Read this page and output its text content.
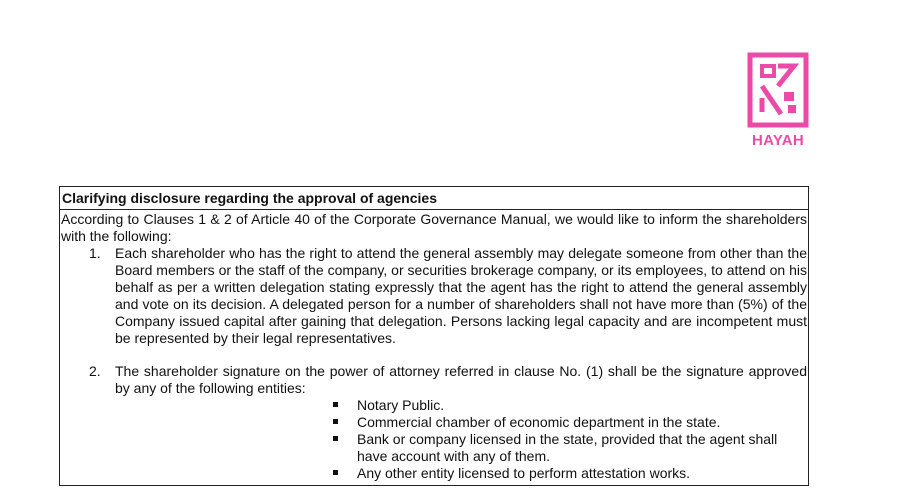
HAYAH
Clarifying disclosure regarding the approval of agencies

According to Clauses 1 & 2 of Article 40 of the Corporate Governance Manual, we would like to inform the shareholders with the following:

1. Each shareholder who has the right to attend the general assembly may delegate someone from other than the Board members or the staff of the company, or securities brokerage company, or its employees, to attend on his behalf as per a written delegation stating expressly that the agent has the right to attend the general assembly and vote on its decision. A delegated person for a number of shareholders shall not have more than (5%) of the Company issued capital after gaining that delegation. Persons lacking legal capacity and are incompetent must be represented by their legal representatives.
2. The shareholder signature on the power of attorney referred in clause No. (1) shall be the signature approved by any of the following entities:
Notary Public.
Commercial chamber of economic department in the state.
Bank or company licensed in the state, provided that the agent shall have account with any of them.
Any other entity licensed to perform attestation works.
